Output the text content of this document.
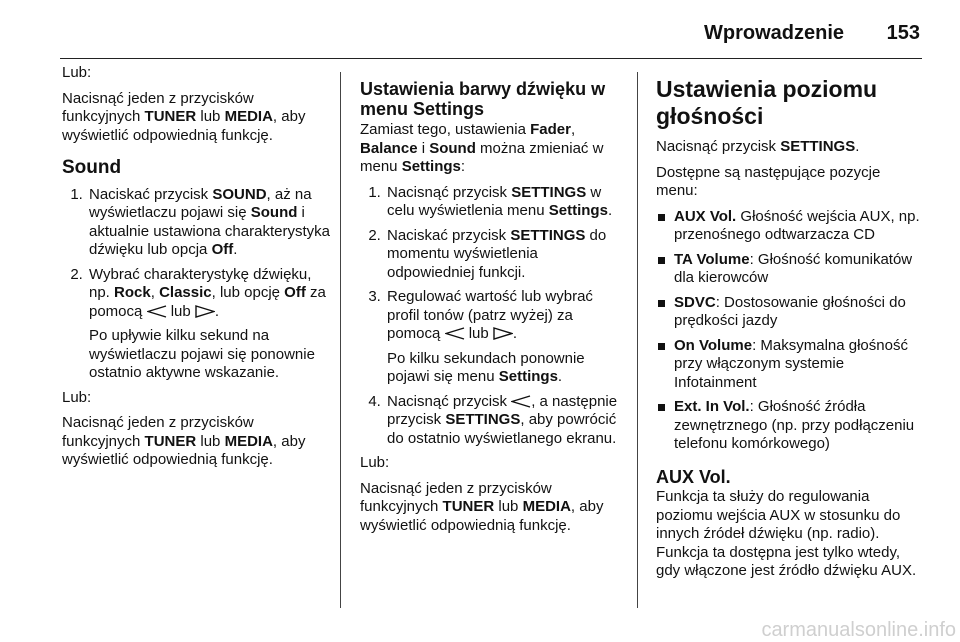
Wprowadzenie 153

Lub:

Nacisnąć jeden z przycisków funkcyjnych TUNER lub MEDIA, aby wyświetlić odpowiednią funkcję.

Sound
1. Naciskać przycisk SOUND, aż na wyświetlaczu pojawi się Sound i aktualnie ustawiona charakterystyka dźwięku lub opcja Off.
2. Wybrać charakterystykę dźwięku, np. Rock, Classic, lub opcję Off za pomocą  lub .

Po upływie kilku sekund na wyświetlaczu pojawi się ponownie ostatnio aktywne wskazanie.

Lub:

Nacisnąć jeden z przycisków funkcyjnych TUNER lub MEDIA, aby wyświetlić odpowiednią funkcję.

Ustawienia barwy dźwięku w menu Settings

Zamiast tego, ustawienia Fader, Balance i Sound można zmieniać w menu Settings:

1. Nacisnąć przycisk SETTINGS w celu wyświetlenia menu Settings.
2. Naciskać przycisk SETTINGS do momentu wyświetlenia odpowiedniej funkcji.
3. Regulować wartość lub wybrać profil tonów (patrz wyżej) za pomocą  lub .

Po kilku sekundach ponownie pojawi się menu Settings.

4. Nacisnąć przycisk , a następnie przycisk SETTINGS, aby powrócić do ostatnio wyświetlanego ekranu.

Lub:

Nacisnąć jeden z przycisków funkcyjnych TUNER lub MEDIA, aby wyświetlić odpowiednią funkcję.

Ustawienia poziomu głośności

Nacisnąć przycisk SETTINGS.

Dostępne są następujące pozycje menu:

AUX Vol. Głośność wejścia AUX, np. przenośnego odtwarzacza CD
TA Volume: Głośność komunikatów dla kierowców
SDVC: Dostosowanie głośności do prędkości jazdy
On Volume: Maksymalna głośność przy włączonym systemie Infotainment
Ext. In Vol.: Głośność źródła zewnętrznego (np. przy podłączeniu telefonu komórkowego)
AUX Vol.

Funkcja ta służy do regulowania poziomu wejścia AUX w stosunku do innych źródeł dźwięku (np. radio). Funkcja ta dostępna jest tylko wtedy, gdy włączone jest źródło dźwięku AUX.

carmanualsonline.info
